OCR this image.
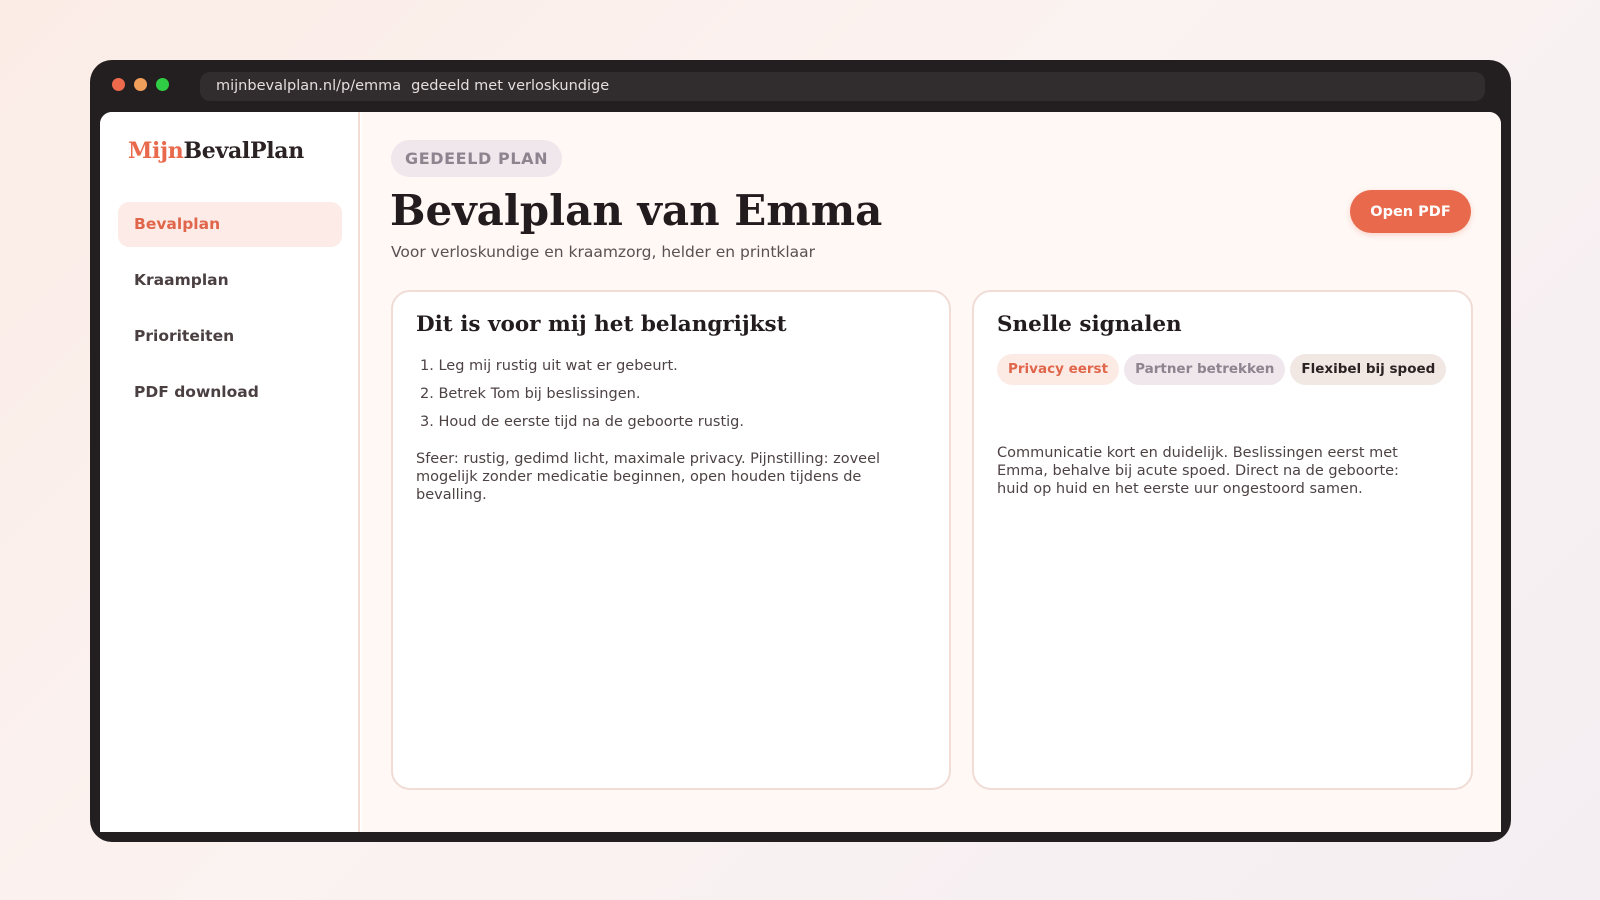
mijnbevalplan.nl/p/emma gedeeld met verloskundige
MijnBevalPlan
Bevalplan
Kraamplan
Prioriteiten
PDF download
GEDEELD PLAN
Bevalplan van Emma

Voor verloskundige en kraamzorg, helder en printklaar

Open PDF
Dit is voor mij het belangrijkst
1. Leg mij rustig uit wat er gebeurt.
2. Betrek Tom bij beslissingen.
3. Houd de eerste tijd na de geboorte rustig.

Sfeer: rustig, gedimd licht, maximale privacy. Pijnstilling: zoveel mogelijk zonder medicatie beginnen, open houden tijdens de bevalling.

Snelle signalen
Privacy eerst Partner betrekken Flexibel bij spoed

Communicatie kort en duidelijk. Beslissingen eerst met Emma, behalve bij acute spoed. Direct na de geboorte: huid op huid en het eerste uur ongestoord samen.
